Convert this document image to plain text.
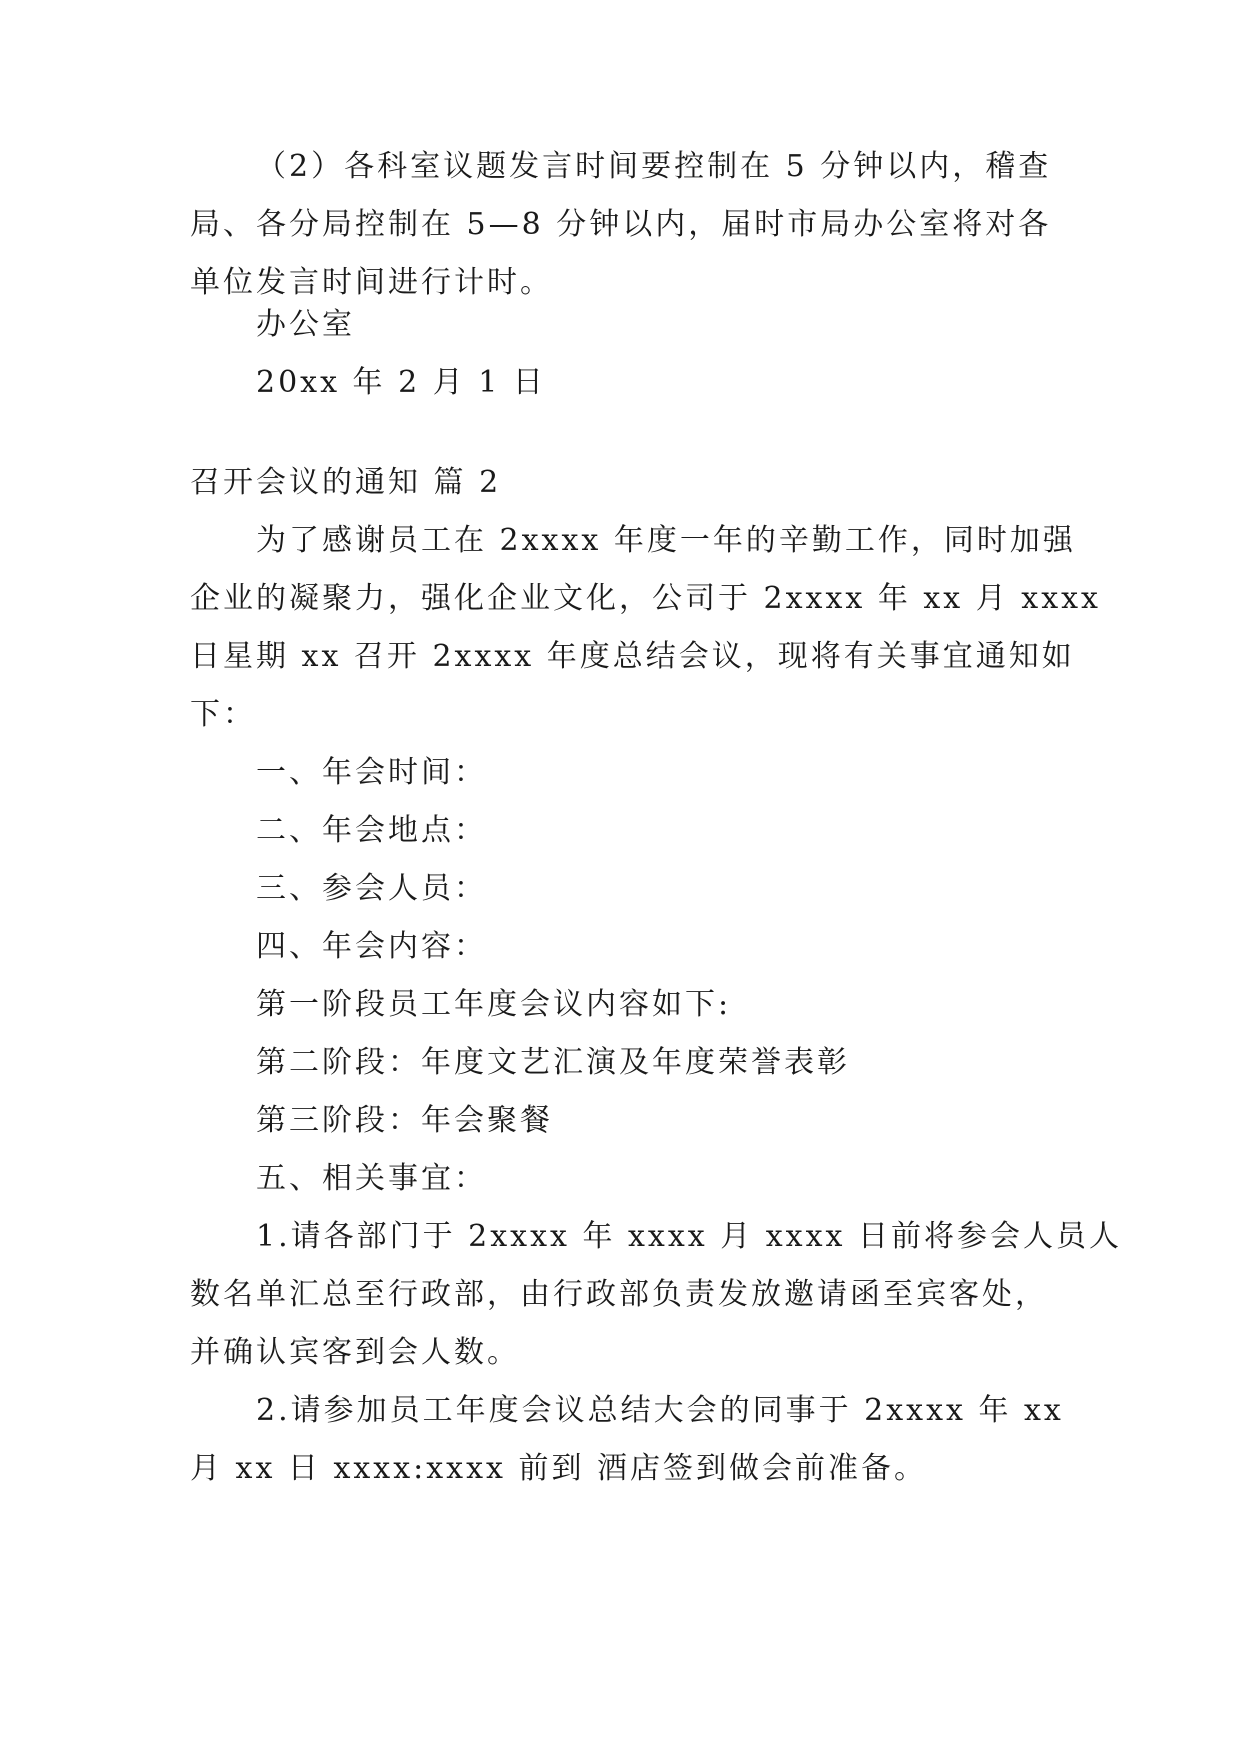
（2）各科室议题发言时间要控制在 5 分钟以内，稽查
局、各分局控制在 5—8 分钟以内，届时市局办公室将对各
单位发言时间进行计时。
办公室
20xx 年 2 月 1 日
召开会议的通知 篇 2
为了感谢员工在 2xxxx 年度一年的辛勤工作，同时加强
企业的凝聚力，强化企业文化，公司于 2xxxx 年 xx 月 xxxx
日星期 xx 召开 2xxxx 年度总结会议，现将有关事宜通知如
下：
一、年会时间：
二、年会地点：
三、参会人员：
四、年会内容：
第一阶段员工年度会议内容如下:
第二阶段：年度文艺汇演及年度荣誉表彰
第三阶段：年会聚餐
五、相关事宜：
1.请各部门于 2xxxx 年 xxxx 月 xxxx 日前将参会人员人
数名单汇总至行政部，由行政部负责发放邀请函至宾客处，
并确认宾客到会人数。
2.请参加员工年度会议总结大会的同事于 2xxxx 年 xx
月 xx 日 xxxx:xxxx 前到 酒店签到做会前准备。
